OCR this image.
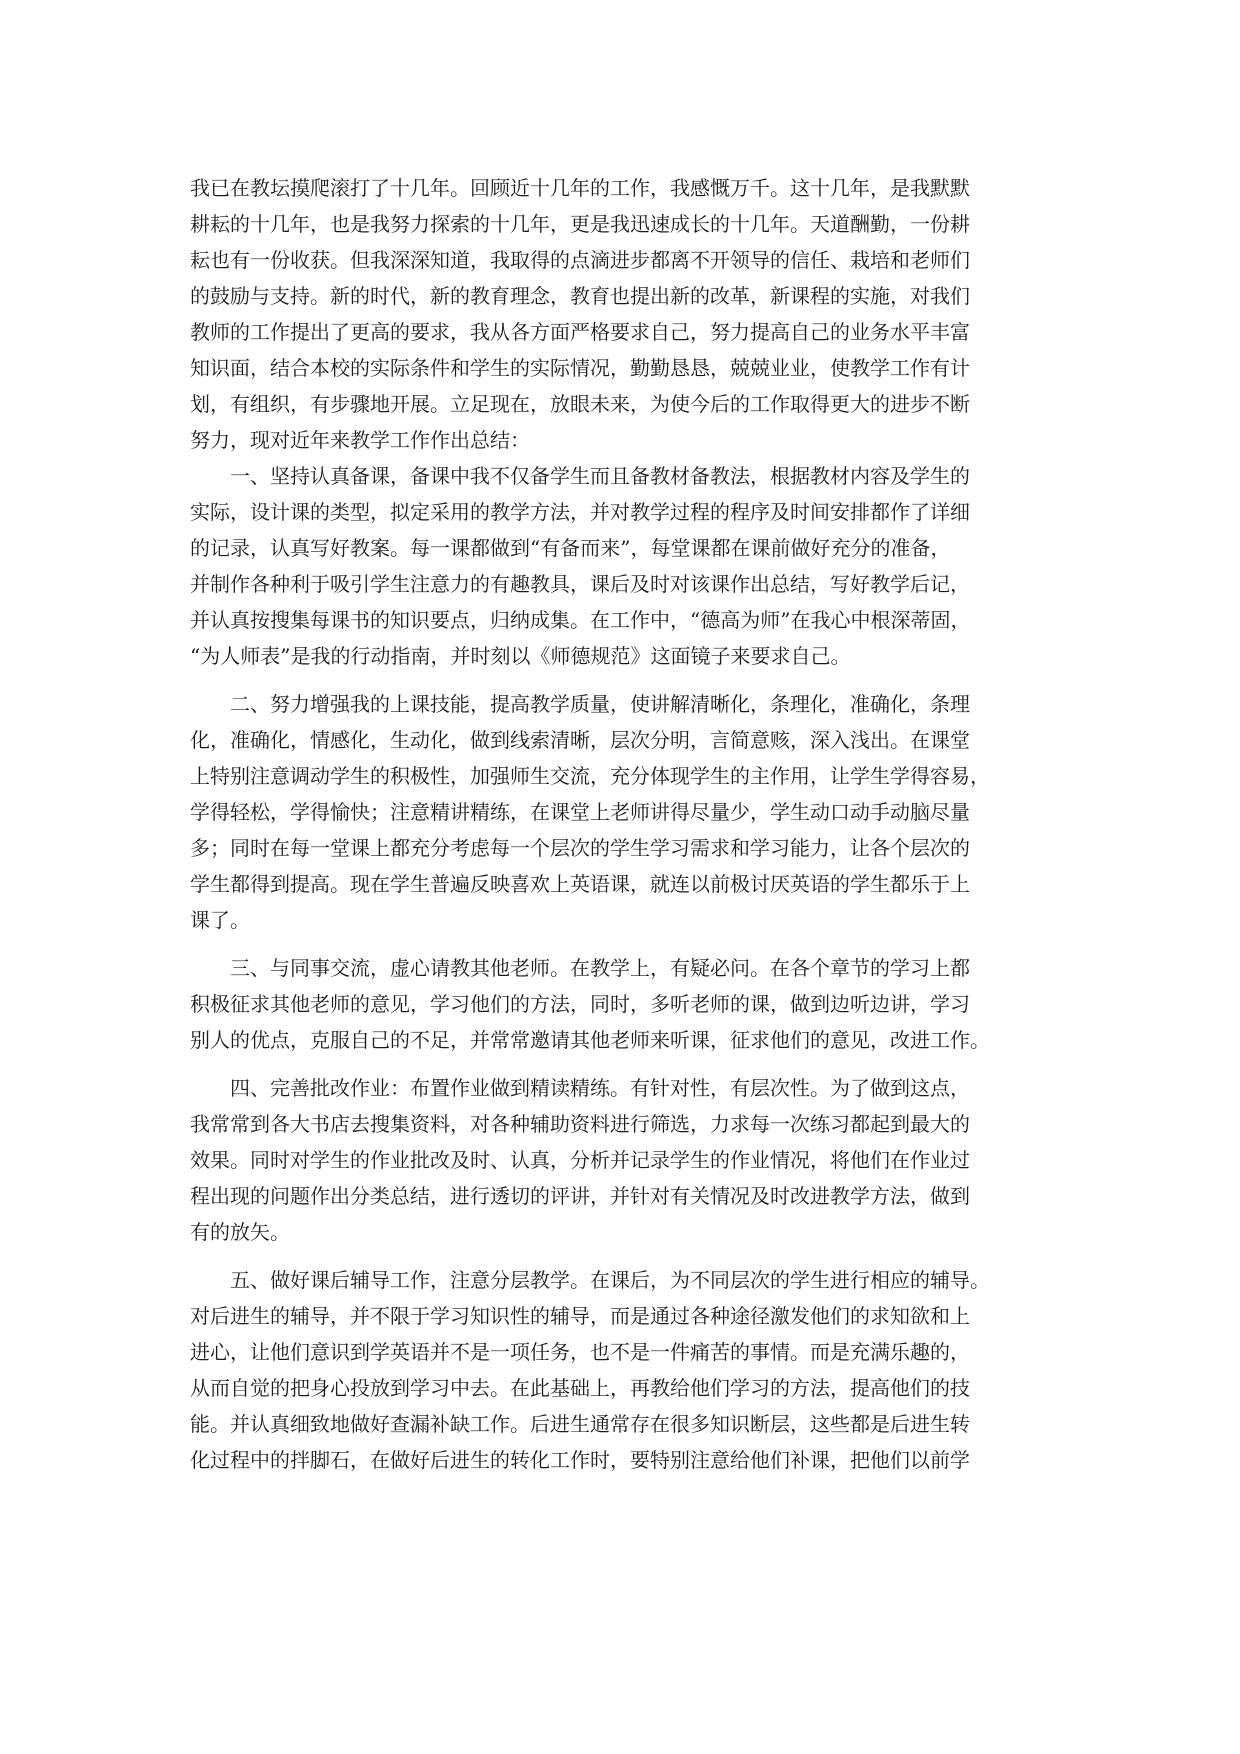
我已在教坛摸爬滚打了十几年。回顾近十几年的工作，我感慨万千。这十几年，是我默默
耕耘的十几年，也是我努力探索的十几年，更是我迅速成长的十几年。天道酬勤，一份耕
耘也有一份收获。但我深深知道，我取得的点滴进步都离不开领导的信任、栽培和老师们
的鼓励与支持。新的时代，新的教育理念，教育也提出新的改革，新课程的实施，对我们
教师的工作提出了更高的要求，我从各方面严格要求自己，努力提高自己的业务水平丰富
知识面，结合本校的实际条件和学生的实际情况，勤勤恳恳，兢兢业业，使教学工作有计
划，有组织，有步骤地开展。立足现在，放眼未来，为使今后的工作取得更大的进步不断
努力，现对近年来教学工作作出总结：
一、坚持认真备课，备课中我不仅备学生而且备教材备教法，根据教材内容及学生的
实际，设计课的类型，拟定采用的教学方法，并对教学过程的程序及时间安排都作了详细
的记录，认真写好教案。每一课都做到“有备而来”，每堂课都在课前做好充分的准备，
并制作各种利于吸引学生注意力的有趣教具，课后及时对该课作出总结，写好教学后记，
并认真按搜集每课书的知识要点，归纳成集。在工作中，“德高为师”在我心中根深蒂固，
“为人师表”是我的行动指南，并时刻以《师德规范》这面镜子来要求自己。
二、努力增强我的上课技能，提高教学质量，使讲解清晰化，条理化，准确化，条理
化，准确化，情感化，生动化，做到线索清晰，层次分明，言简意赅，深入浅出。在课堂
上特别注意调动学生的积极性，加强师生交流，充分体现学生的主作用，让学生学得容易，
学得轻松，学得愉快；注意精讲精练，在课堂上老师讲得尽量少，学生动口动手动脑尽量
多；同时在每一堂课上都充分考虑每一个层次的学生学习需求和学习能力，让各个层次的
学生都得到提高。现在学生普遍反映喜欢上英语课，就连以前极讨厌英语的学生都乐于上
课了。
三、与同事交流，虚心请教其他老师。在教学上，有疑必问。在各个章节的学习上都
积极征求其他老师的意见，学习他们的方法，同时，多听老师的课，做到边听边讲，学习
别人的优点，克服自己的不足，并常常邀请其他老师来听课，征求他们的意见，改进工作。
四、完善批改作业：布置作业做到精读精练。有针对性，有层次性。为了做到这点，
我常常到各大书店去搜集资料，对各种辅助资料进行筛选，力求每一次练习都起到最大的
效果。同时对学生的作业批改及时、认真，分析并记录学生的作业情况，将他们在作业过
程出现的问题作出分类总结，进行透切的评讲，并针对有关情况及时改进教学方法，做到
有的放矢。
五、做好课后辅导工作，注意分层教学。在课后，为不同层次的学生进行相应的辅导。
对后进生的辅导，并不限于学习知识性的辅导，而是通过各种途径激发他们的求知欲和上
进心，让他们意识到学英语并不是一项任务，也不是一件痛苦的事情。而是充满乐趣的，
从而自觉的把身心投放到学习中去。在此基础上，再教给他们学习的方法，提高他们的技
能。并认真细致地做好查漏补缺工作。后进生通常存在很多知识断层，这些都是后进生转
化过程中的拌脚石，在做好后进生的转化工作时，要特别注意给他们补课，把他们以前学
